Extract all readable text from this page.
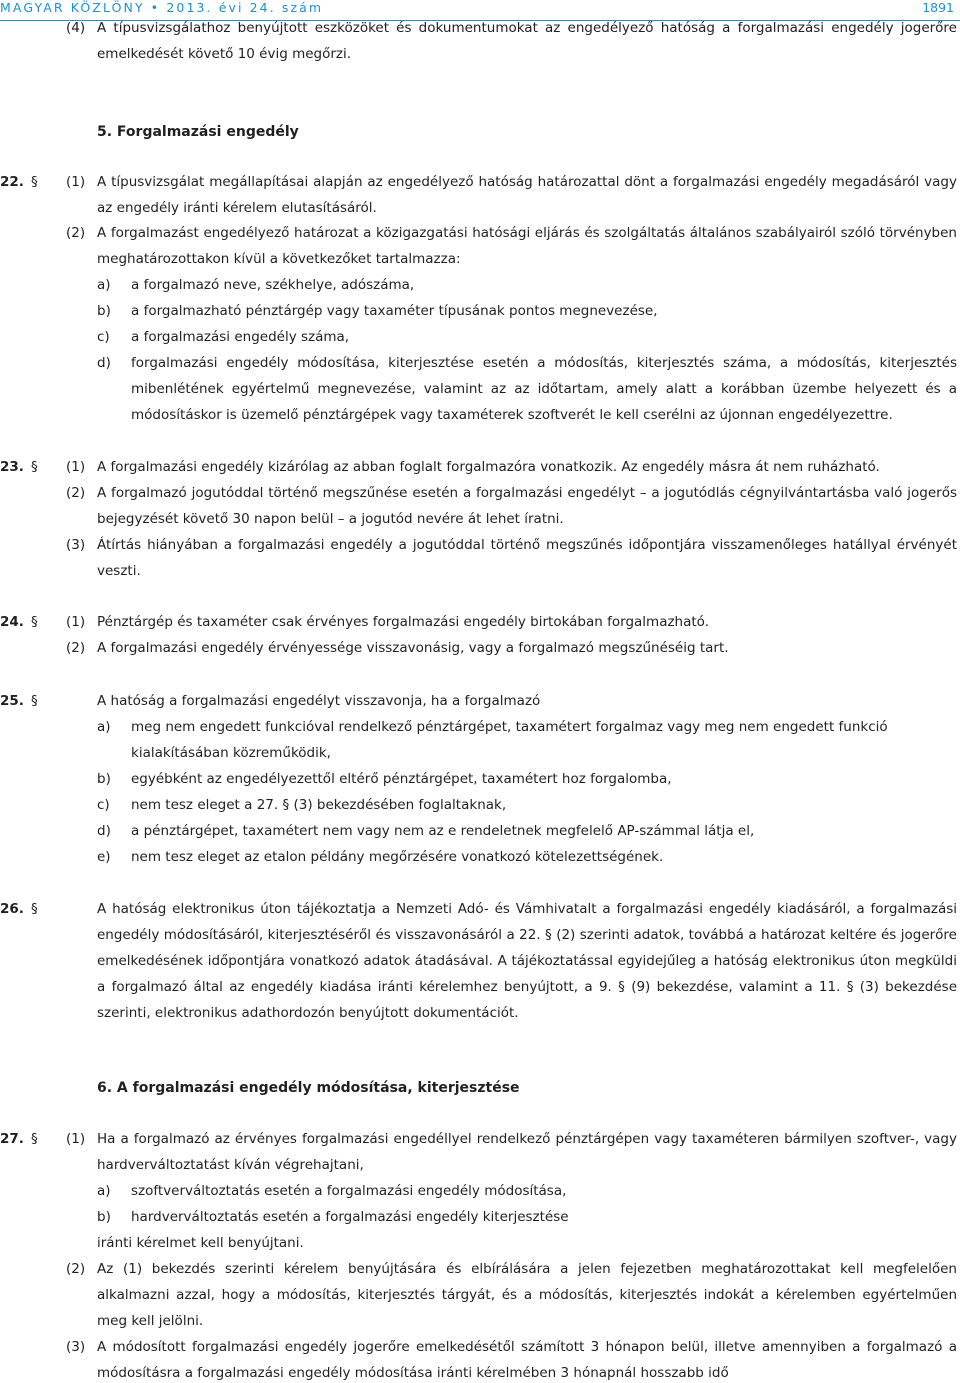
MAGYAR KÖZLÖNY • 2013. évi 24. szám	1891
(4) A típusvizsgálathoz benyújtott eszközöket és dokumentumokat az engedélyező hatóság a forgalmazási engedély jogerőre emelkedését követő 10 évig megőrzi.
5. Forgalmazási engedély
22. § (1) A típusvizsgálat megállapításai alapján az engedélyező hatóság határozattal dönt a forgalmazási engedély megadásáról vagy az engedély iránti kérelem elutasításáról.
(2) A forgalmazást engedélyező határozat a közigazgatási hatósági eljárás és szolgáltatás általános szabályairól szóló törvényben meghatározottakon kívül a következőket tartalmazza:
a) a forgalmazó neve, székhelye, adószáma,
b) a forgalmazható pénztárgép vagy taxaméter típusának pontos megnevezése,
c) a forgalmazási engedély száma,
d) forgalmazási engedély módosítása, kiterjesztése esetén a módosítás, kiterjesztés száma, a módosítás, kiterjesztés mibenlétének egyértelmű megnevezése, valamint az az időtartam, amely alatt a korábban üzembe helyezett és a módosításkor is üzemelő pénztárgépek vagy taxaméterek szoftverét le kell cserélni az újonnan engedélyezettre.
23. § (1) A forgalmazási engedély kizárólag az abban foglalt forgalmazóra vonatkozik. Az engedély másra át nem ruházható.
(2) A forgalmazó jogutóddal történő megszűnése esetén a forgalmazási engedélyt – a jogutódlás cégnyilvántartásba való jogerős bejegyzését követő 30 napon belül – a jogutód nevére át lehet íratni.
(3) Átírtás hiányában a forgalmazási engedély a jogutóddal történő megszűnés időpontjára visszamenőleges hatállyal érvényét veszti.
24. § (1) Pénztárgép és taxaméter csak érvényes forgalmazási engedély birtokában forgalmazható.
(2) A forgalmazási engedély érvényessége visszavonásig, vagy a forgalmazó megszűnéséig tart.
25. §	A hatóság a forgalmazási engedélyt visszavonja, ha a forgalmazó
a) meg nem engedett funkcióval rendelkező pénztárgépet, taxamétert forgalmaz vagy meg nem engedett funkció kialakításában közreműködik,
b) egyébként az engedélyezettől eltérő pénztárgépet, taxamétert hoz forgalomba,
c) nem tesz eleget a 27. § (3) bekezdésében foglaltaknak,
d) a pénztárgépet, taxamétert nem vagy nem az e rendeletnek megfelelő AP-számmal látja el,
e) nem tesz eleget az etalon példány megőrzésére vonatkozó kötelezettségének.
26. §	A hatóság elektronikus úton tájékoztatja a Nemzeti Adó- és Vámhivatalt a forgalmazási engedély kiadásáról, a forgalmazási engedély módosításáról, kiterjesztéséről és visszavonásáról a 22. § (2) szerinti adatok, továbbá a határozat keltére és jogerőre emelkedésének időpontjára vonatkozó adatok átadásával. A tájékoztatással egyidejűleg a hatóság elektronikus úton megküldi a forgalmazó által az engedély kiadása iránti kérelemhez benyújtott, a 9. § (9) bekezdése, valamint a 11. § (3) bekezdése szerinti, elektronikus adathordozón benyújtott dokumentációt.
6. A forgalmazási engedély módosítása, kiterjesztése
27. § (1) Ha a forgalmazó az érvényes forgalmazási engedéllyel rendelkező pénztárgépen vagy taxaméteren bármilyen szoftver-, vagy hardverváltoztatást kíván végrehajtani,
a) szoftverváltoztatás esetén a forgalmazási engedély módosítása,
b) hardverváltoztatás esetén a forgalmazási engedély kiterjesztése
iránti kérelmet kell benyújtani.
(2) Az (1) bekezdés szerinti kérelem benyújtására és elbírálására a jelen fejezetben meghatározottakat kell megfelelően alkalmazni azzal, hogy a módosítás, kiterjesztés tárgyát, és a módosítás, kiterjesztés indokát a kérelemben egyértelműen meg kell jelölni.
(3) A módosított forgalmazási engedély jogerőre emelkedésétől számított 3 hónapon belül, illetve amennyiben a forgalmazó a módosításra a forgalmazási engedély módosítása iránti kérelmében 3 hónapnál hosszabb idő
